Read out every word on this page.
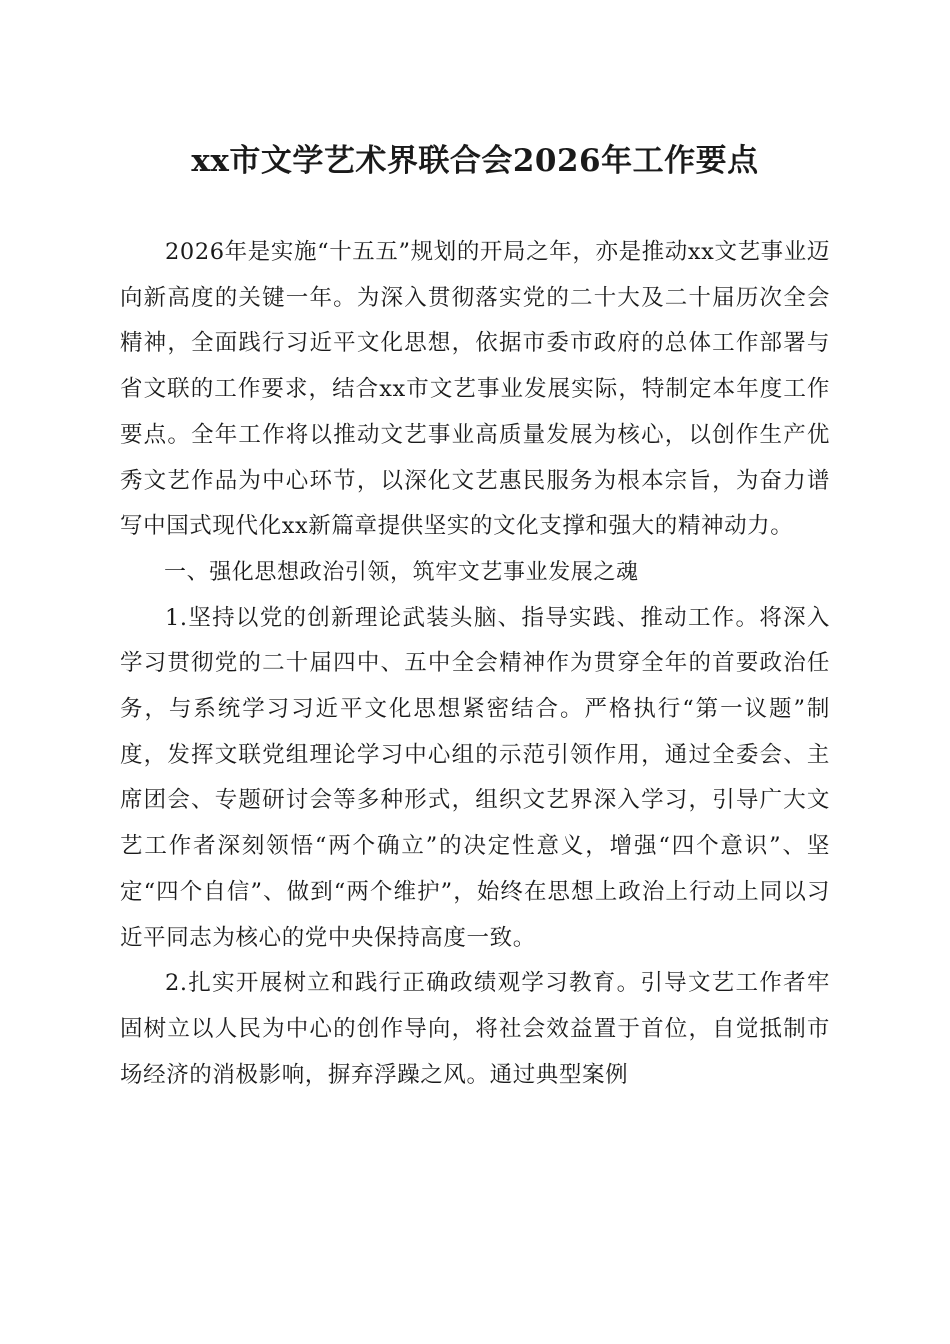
xx市文学艺术界联合会2026年工作要点

2026年是实施“十五五”规划的开局之年，亦是推动xx文艺事业迈向新高度的关键一年。为深入贯彻落实党的二十大及二十届历次全会精神，全面践行习近平文化思想，依据市委市政府的总体工作部署与省文联的工作要求，结合xx市文艺事业发展实际，特制定本年度工作要点。全年工作将以推动文艺事业高质量发展为核心，以创作生产优秀文艺作品为中心环节，以深化文艺惠民服务为根本宗旨，为奋力谱写中国式现代化xx新篇章提供坚实的文化支撑和强大的精神动力。

一、强化思想政治引领，筑牢文艺事业发展之魂

1.坚持以党的创新理论武装头脑、指导实践、推动工作。将深入学习贯彻党的二十届四中、五中全会精神作为贯穿全年的首要政治任务，与系统学习习近平文化思想紧密结合。严格执行“第一议题”制度，发挥文联党组理论学习中心组的示范引领作用，通过全委会、主席团会、专题研讨会等多种形式，组织文艺界深入学习，引导广大文艺工作者深刻领悟“两个确立”的决定性意义，增强“四个意识”、坚定“四个自信”、做到“两个维护”，始终在思想上政治上行动上同以习近平同志为核心的党中央保持高度一致。

2.扎实开展树立和践行正确政绩观学习教育。引导文艺工作者牢固树立以人民为中心的创作导向，将社会效益置于首位，自觉抵制市场经济的消极影响，摒弃浮躁之风。通过典型案例
